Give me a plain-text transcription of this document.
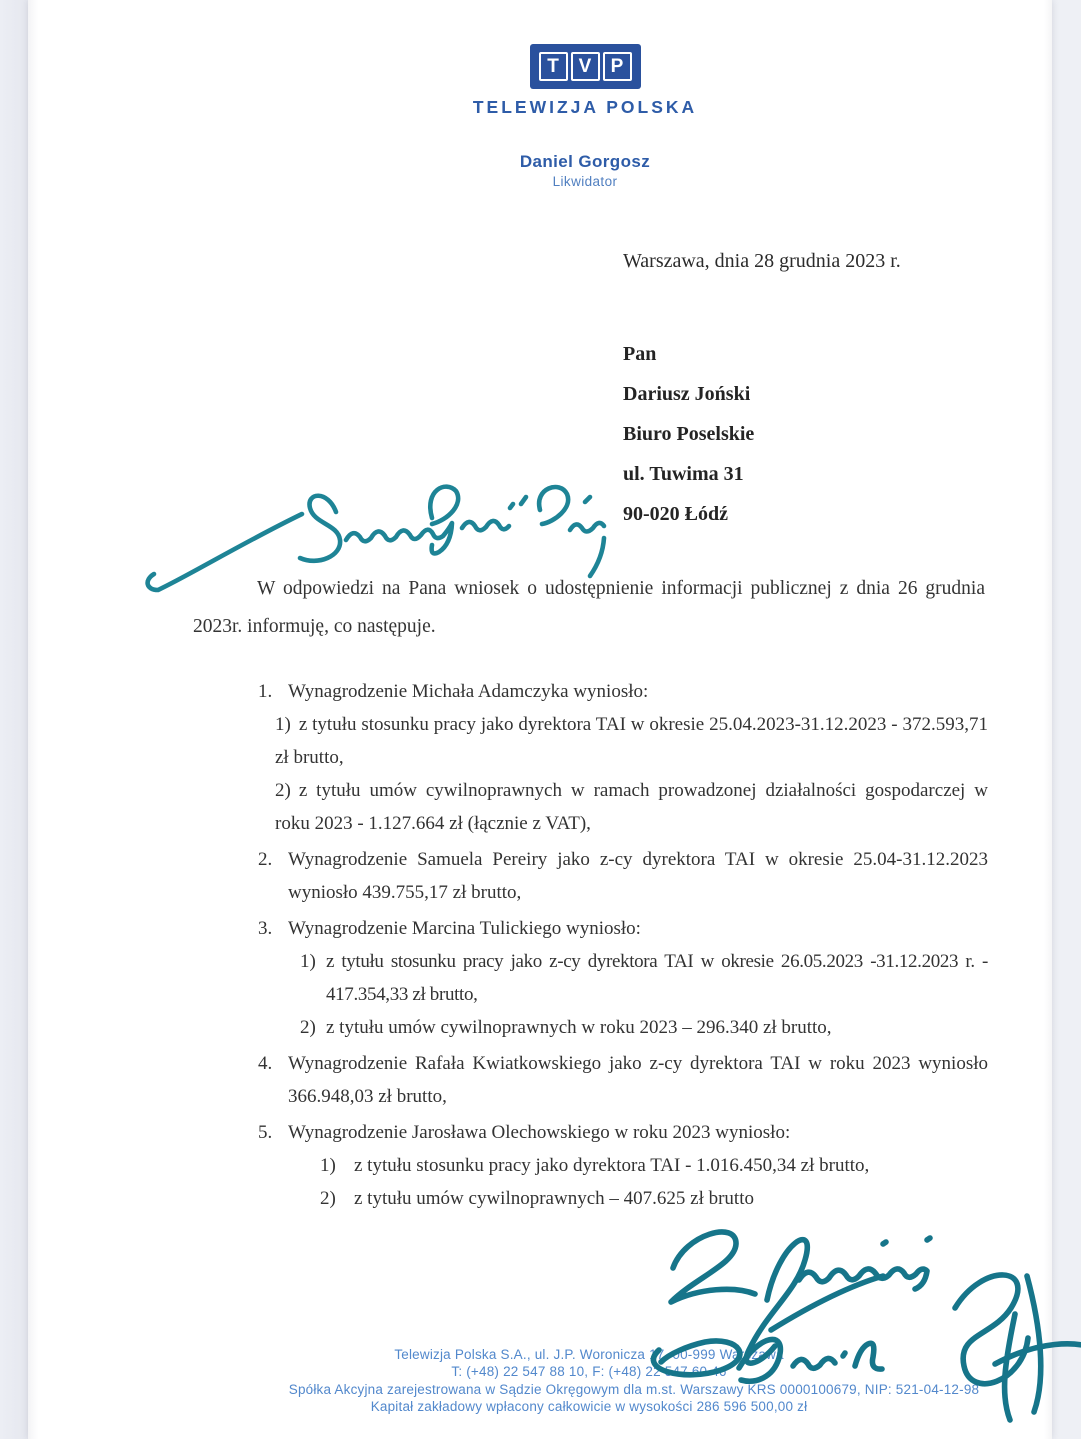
T	V	P
TELEWIZJA POLSKA
Daniel Gorgosz
Likwidator
Warszawa, dnia 28 grudnia 2023 r.
Pan
Dariusz Joński
Biuro Poselskie
ul. Tuwima 31
90-020 Łódź

W odpowiedzi na Pana wniosek o udostępnienie informacji publicznej z dnia 26 grudnia 2023r. informuję, co następuje.

1. Wynagrodzenie Michała Adamczyka wyniosło:
1) z tytułu stosunku pracy jako dyrektora TAI w okresie 25.04.2023-31.12.2023 - 372.593,71 zł brutto,
2) z tytułu umów cywilnoprawnych w ramach prowadzonej działalności gospodarczej w roku 2023 - 1.127.664 zł (łącznie z VAT),
2. Wynagrodzenie Samuela Pereiry jako z-cy dyrektora TAI w okresie 25.04-31.12.2023 wyniosło 439.755,17 zł brutto,
3. Wynagrodzenie Marcina Tulickiego wyniosło:
1) z tytułu stosunku pracy jako z-cy dyrektora TAI w okresie 26.05.2023 -31.12.2023 r. - 417.354,33 zł brutto,
2) z tytułu umów cywilnoprawnych w roku 2023 – 296.340 zł brutto,
4. Wynagrodzenie Rafała Kwiatkowskiego jako z-cy dyrektora TAI w roku 2023 wyniosło 366.948,03 zł brutto,
5. Wynagrodzenie Jarosława Olechowskiego w roku 2023 wyniosło:
1) z tytułu stosunku pracy jako dyrektora TAI - 1.016.450,34 zł brutto,
2) z tytułu umów cywilnoprawnych – 407.625 zł brutto
Telewizja Polska S.A., ul. J.P. Woronicza 17, 00-999 Warszawa
T: (+48) 22 547 88 10, F: (+48) 22 547 60 46
Spółka Akcyjna zarejestrowana w Sądzie Okręgowym dla m.st. Warszawy KRS 0000100679, NIP: 521-04-12-98
Kapitał zakładowy wpłacony całkowicie w wysokości 286 596 500,00 zł
